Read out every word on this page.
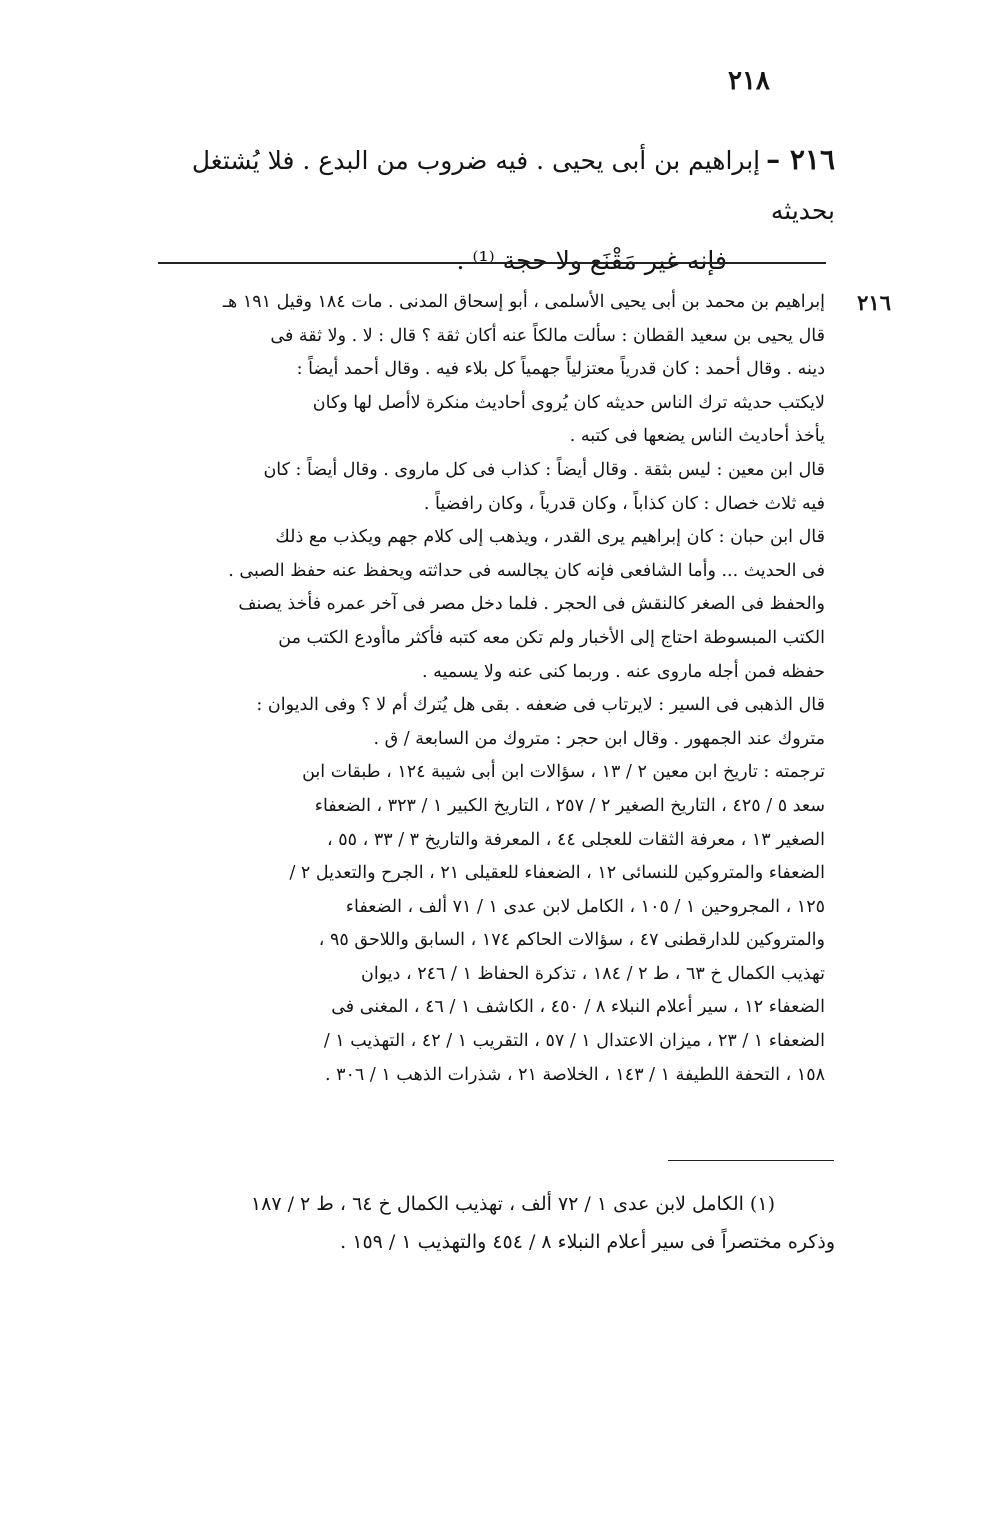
٢١٨
٢١٦ –إبراهيم بن أبى يحيى . فيه ضروب من البدع . فلا يُشتغل بحديثه
فإنه غير مَقْنَع ولا حجة ⁽¹⁾ .
٢١٦
إبراهيم بن محمد بن أبى يحيى الأسلمى ، أبو إسحاق المدنى . مات ١٨٤ وقيل ١٩١ هـ
قال يحيى بن سعيد القطان : سألت مالكاً عنه أكان ثقة ؟ قال : لا . ولا ثقة فى
دينه . وقال أحمد : كان قدرياً معتزلياً جهمياً كل بلاء فيه . وقال أحمد أيضاً :
لايكتب حديثه ترك الناس حديثه كان يُروى أحاديث منكرة لاأصل لها وكان
يأخذ أحاديث الناس يضعها فى كتبه .
قال ابن معين : ليس بثقة . وقال أيضاً : كذاب فى كل ماروى . وقال أيضاً : كان
فيه ثلاث خصال : كان كذاباً ، وكان قدرياً ، وكان رافضياً .
قال ابن حبان : كان إبراهيم يرى القدر ، ويذهب إلى كلام جهم ويكذب مع ذلك
فى الحديث ... وأما الشافعى فإنه كان يجالسه فى حداثته ويحفظ عنه حفظ الصبى .
والحفظ فى الصغر كالنقش فى الحجر . فلما دخل مصر فى آخر عمره فأخذ يصنف
الكتب المبسوطة احتاج إلى الأخبار ولم تكن معه كتبه فأكثر ماأودع الكتب من
حفظه فمن أجله ماروى عنه . وربما كنى عنه ولا يسميه .
قال الذهبى فى السير : لايرتاب فى ضعفه . بقى هل يُترك أم لا ؟ وفى الديوان :
متروك عند الجمهور . وقال ابن حجر : متروك من السابعة / ق .
ترجمته : تاريخ ابن معين ٢ / ١٣ ، سؤالات ابن أبى شيبة ١٢٤ ، طبقات ابن
سعد ٥ / ٤٢٥ ، التاريخ الصغير ٢ / ٢٥٧ ، التاريخ الكبير ١ / ٣٢٣ ، الضعفاء
الصغير ١٣ ، معرفة الثقات للعجلى ٤٤ ، المعرفة والتاريخ ٣ / ٣٣ ، ٥٥ ،
الضعفاء والمتروكين للنسائى ١٢ ، الضعفاء للعقيلى ٢١ ، الجرح والتعديل ٢ /
١٢٥ ، المجروحين ١ / ١٠٥ ، الكامل لابن عدى ١ / ٧١ ألف ، الضعفاء
والمتروكين للدارقطنى ٤٧ ، سؤالات الحاكم ١٧٤ ، السابق واللاحق ٩٥ ،
تهذيب الكمال خ ٦٣ ، ط ٢ / ١٨٤ ، تذكرة الحفاظ ١ / ٢٤٦ ، ديوان
الضعفاء ١٢ ، سير أعلام النبلاء ٨ / ٤٥٠ ، الكاشف ١ / ٤٦ ، المغنى فى
الضعفاء ١ / ٢٣ ، ميزان الاعتدال ١ / ٥٧ ، التقريب ١ / ٤٢ ، التهذيب ١ /
١٥٨ ، التحفة اللطيفة ١ / ١٤٣ ، الخلاصة ٢١ ، شذرات الذهب ١ / ٣٠٦ .
(١) الكامل لابن عدى ١ / ٧٢ ألف ، تهذيب الكمال خ ٦٤ ، ط ٢ / ١٨٧
وذكره مختصراً فى سير أعلام النبلاء ٨ / ٤٥٤ والتهذيب ١ / ١٥٩ .
